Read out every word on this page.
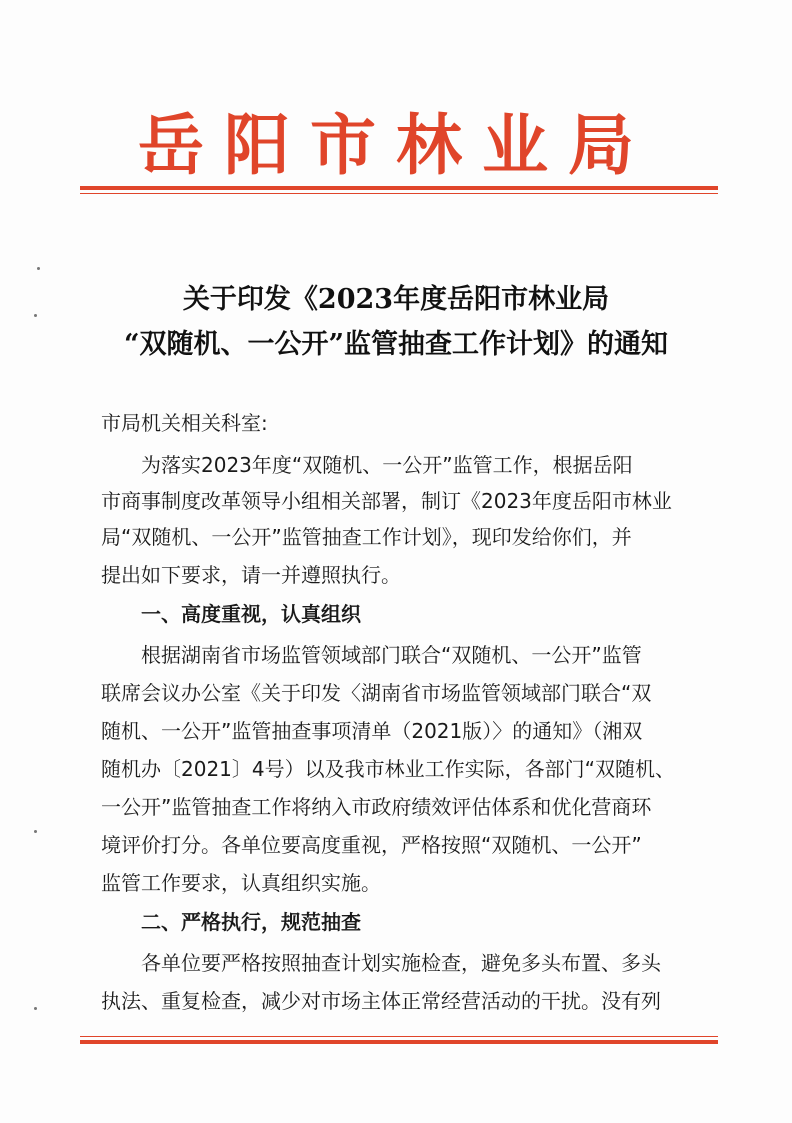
岳阳市林业局
关于印发《2023年度岳阳市林业局
“双随机、一公开”监管抽查工作计划》的通知
市局机关相关科室:
　　为落实2023年度“双随机、一公开”监管工作，根据岳阳
市商事制度改革领导小组相关部署，制订《2023年度岳阳市林业
局“双随机、一公开”监管抽查工作计划》，现印发给你们，并
提出如下要求，请一并遵照执行。
　　一、高度重视，认真组织
　　根据湖南省市场监管领域部门联合“双随机、一公开”监管
联席会议办公室《关于印发〈湖南省市场监管领域部门联合“双
随机、一公开”监管抽查事项清单（2021版）〉的通知》（湘双
随机办〔2021〕4号）以及我市林业工作实际，各部门“双随机、
一公开”监管抽查工作将纳入市政府绩效评估体系和优化营商环
境评价打分。各单位要高度重视，严格按照“双随机、一公开”
监管工作要求，认真组织实施。
　　二、严格执行，规范抽查
　　各单位要严格按照抽查计划实施检查，避免多头布置、多头
执法、重复检查，减少对市场主体正常经营活动的干扰。没有列
